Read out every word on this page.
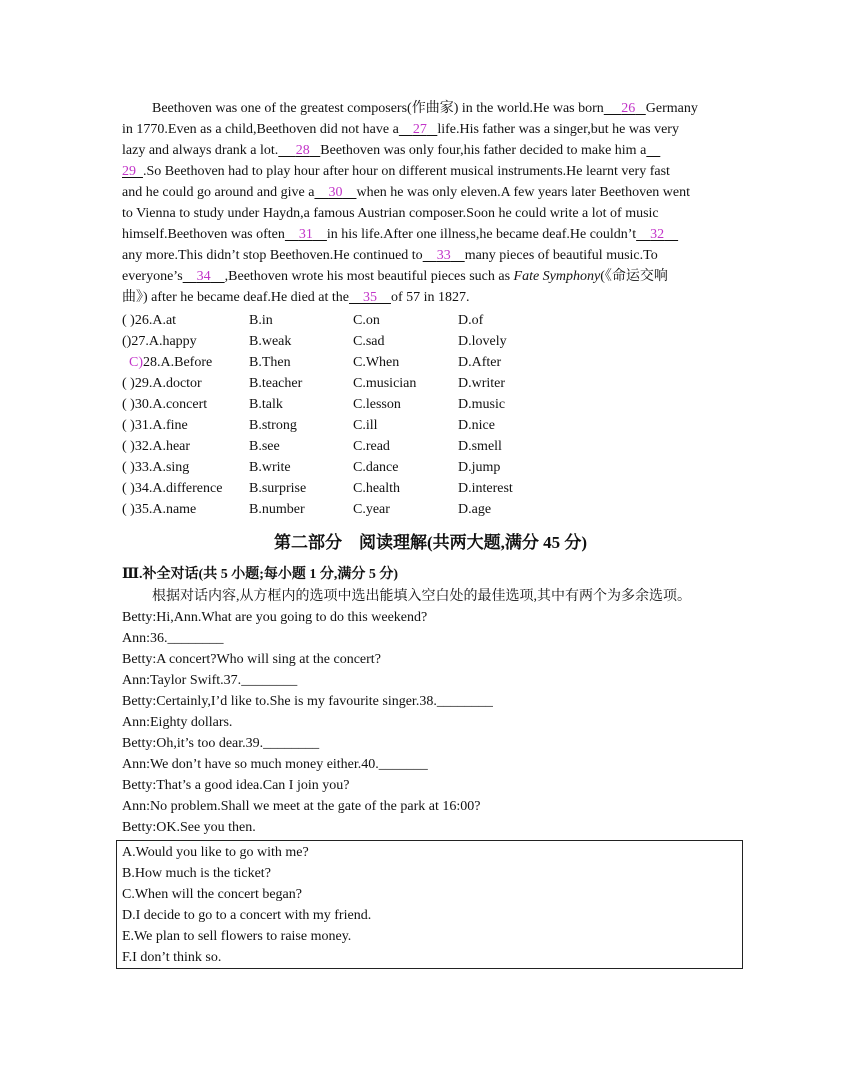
Beethoven was one of the greatest composers(作曲家) in the world.He was born 26 Germany
in 1770.Even as a child,Beethoven did not have a 27 life.His father was a singer,but he was very
lazy and always drank a lot. 28 Beethoven was only four,his father decided to make him a
29 .So Beethoven had to play hour after hour on different musical instruments.He learnt very fast
and he could go around and give a 30 when he was only eleven.A few years later Beethoven went
to Vienna to study under Haydn,a famous Austrian composer.Soon he could write a lot of music
himself.Beethoven was often 31 in his life.After one illness,he became deaf.He couldn’t 32
any more.This didn’t stop Beethoven.He continued to 33 many pieces of beautiful music.To
everyone’s 34 ,Beethoven wrote his most beautiful pieces such as Fate Symphony(《命运交响
曲》) after he became deaf.He died at the 35 of 57 in 1827.
( )26.A.at	B.in	C.on	D.of
()27.A.happy	B.weak	C.sad	D.lovely
C)28.A.Before	B.Then	C.When	D.After
( )29.A.doctor	B.teacher	C.musician	D.writer
( )30.A.concert	B.talk	C.lesson	D.music
( )31.A.fine	B.strong	C.ill	D.nice
( )32.A.hear	B.see	C.read	D.smell
( )33.A.sing	B.write	C.dance	D.jump
( )34.A.difference B.surprise	C.health	D.interest
( )35.A.name	B.number	C.year	D.age
第二部分　阅读理解(共两大题,满分 45 分)
Ⅲ.补全对话(共 5 小题;每小题 1 分,满分 5 分)
根据对话内容,从方框内的选项中选出能填入空白处的最佳选项,其中有两个为多余选项。
Betty:Hi,Ann.What are you going to do this weekend?
Ann:36.________
Betty:A concert?Who will sing at the concert?
Ann:Taylor Swift.37.________
Betty:Certainly,I’d like to.She is my favourite singer.38.________
Ann:Eighty dollars.
Betty:Oh,it’s too dear.39.________
Ann:We don’t have so much money either.40._______
Betty:That’s a good idea.Can I join you?
Ann:No problem.Shall we meet at the gate of the park at 16:00?
Betty:OK.See you then.
A.Would you like to go with me?
B.How much is the ticket?
C.When will the concert began?
D.I decide to go to a concert with my friend.
E.We plan to sell flowers to raise money.
F.I don’t think so.
